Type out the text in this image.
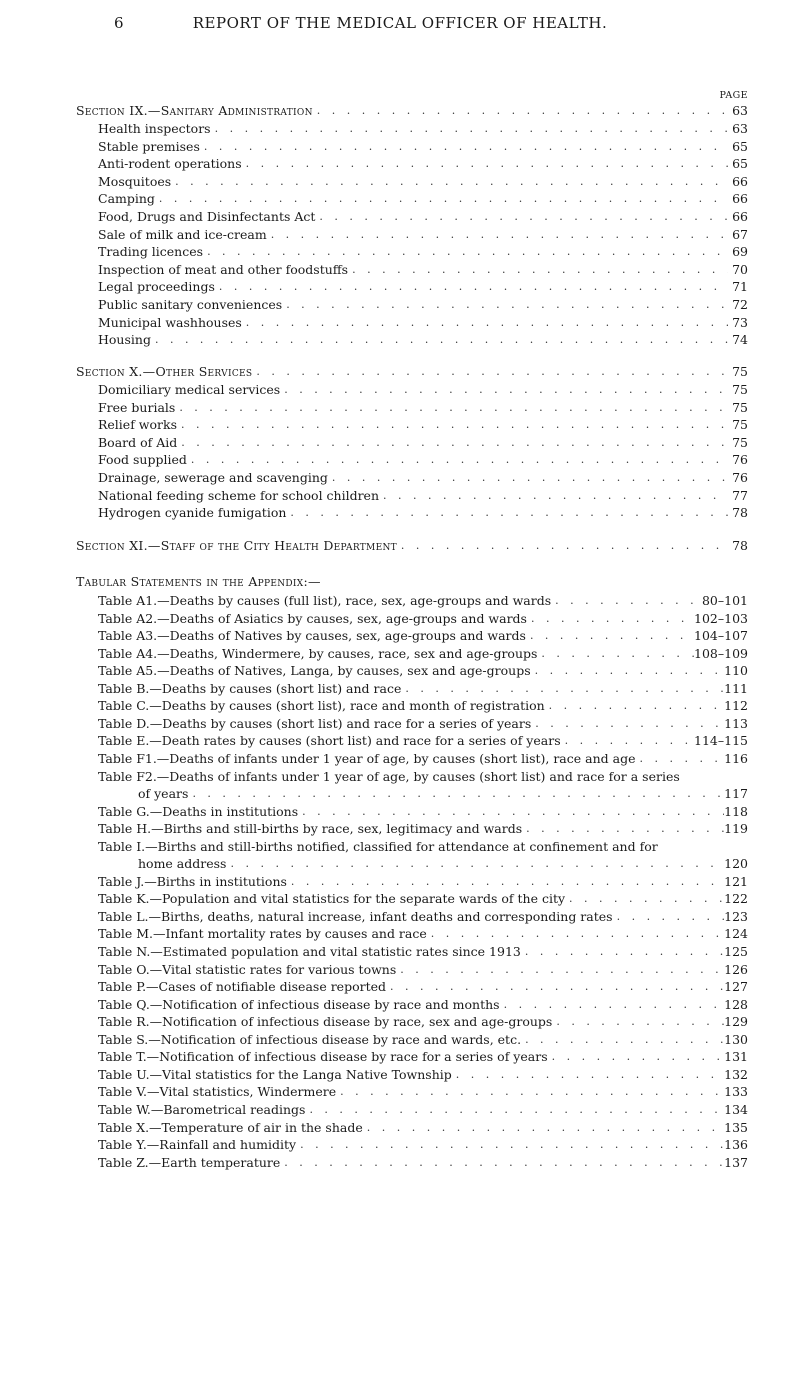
6	REPORT OF THE MEDICAL OFFICER OF HEALTH.
PAGE
Section IX.—Sanitary Administration . . .	63
Health inspectors . . .	63
Stable premises . . .	65
Anti-rodent operations . . .	65
Mosquitoes . . .	66
Camping . . .	66
Food, Drugs and Disinfectants Act . . .	66
Sale of milk and ice-cream . . .	67
Trading licences . . .	69
Inspection of meat and other foodstuffs . . .	70
Legal proceedings . . .	71
Public sanitary conveniences . . .	72
Municipal washhouses . . .	73
Housing . . .	74
Section X.—Other Services . . .	75
Domiciliary medical services . . .	75
Free burials . . .	75
Relief works . . .	75
Board of Aid . . .	75
Food supplied . . .	76
Drainage, sewerage and scavenging . . .	76
National feeding scheme for school children . . .	77
Hydrogen cyanide fumigation . . .	78
Section XI.—Staff of the City Health Department . . .	78
Tabular Statements in the Appendix:—
Table A1.—Deaths by causes (full list), race, sex, age-groups and wards . . .	80–101
Table A2.—Deaths of Asiatics by causes, sex, age-groups and wards . . .	102–103
Table A3.—Deaths of Natives by causes, sex, age-groups and wards . . .	104–107
Table A4.—Deaths, Windermere, by causes, race, sex and age-groups . . .	108–109
Table A5.—Deaths of Natives, Langa, by causes, sex and age-groups . . .	110
Table B.—Deaths by causes (short list) and race . . .	111
Table C.—Deaths by causes (short list), race and month of registration . . .	112
Table D.—Deaths by causes (short list) and race for a series of years . . .	113
Table E.—Death rates by causes (short list) and race for a series of years . . .	114–115
Table F1.—Deaths of infants under 1 year of age, by causes (short list), race and age . . .	116
Table F2.—Deaths of infants under 1 year of age, by causes (short list) and race for a series
of years . . .	117
Table G.—Deaths in institutions . . .	118
Table H.—Births and still-births by race, sex, legitimacy and wards . . .	119
Table I.—Births and still-births notified, classified for attendance at confinement and for
home address . . .	120
Table J.—Births in institutions . . .	121
Table K.—Population and vital statistics for the separate wards of the city . . .	122
Table L.—Births, deaths, natural increase, infant deaths and corresponding rates . . .	123
Table M.—Infant mortality rates by causes and race . . .	124
Table N.—Estimated population and vital statistic rates since 1913 . . .	125
Table O.—Vital statistic rates for various towns . . .	126
Table P.—Cases of notifiable disease reported . . .	127
Table Q.—Notification of infectious disease by race and months . . .	128
Table R.—Notification of infectious disease by race, sex and age-groups . . .	129
Table S.—Notification of infectious disease by race and wards, etc. . . .	130
Table T.—Notification of infectious disease by race for a series of years . . .	131
Table U.—Vital statistics for the Langa Native Township . . .	132
Table V.—Vital statistics, Windermere . . .	133
Table W.—Barometrical readings . . .	134
Table X.—Temperature of air in the shade . . .	135
Table Y.—Rainfall and humidity . . .	136
Table Z.—Earth temperature . . .	137
